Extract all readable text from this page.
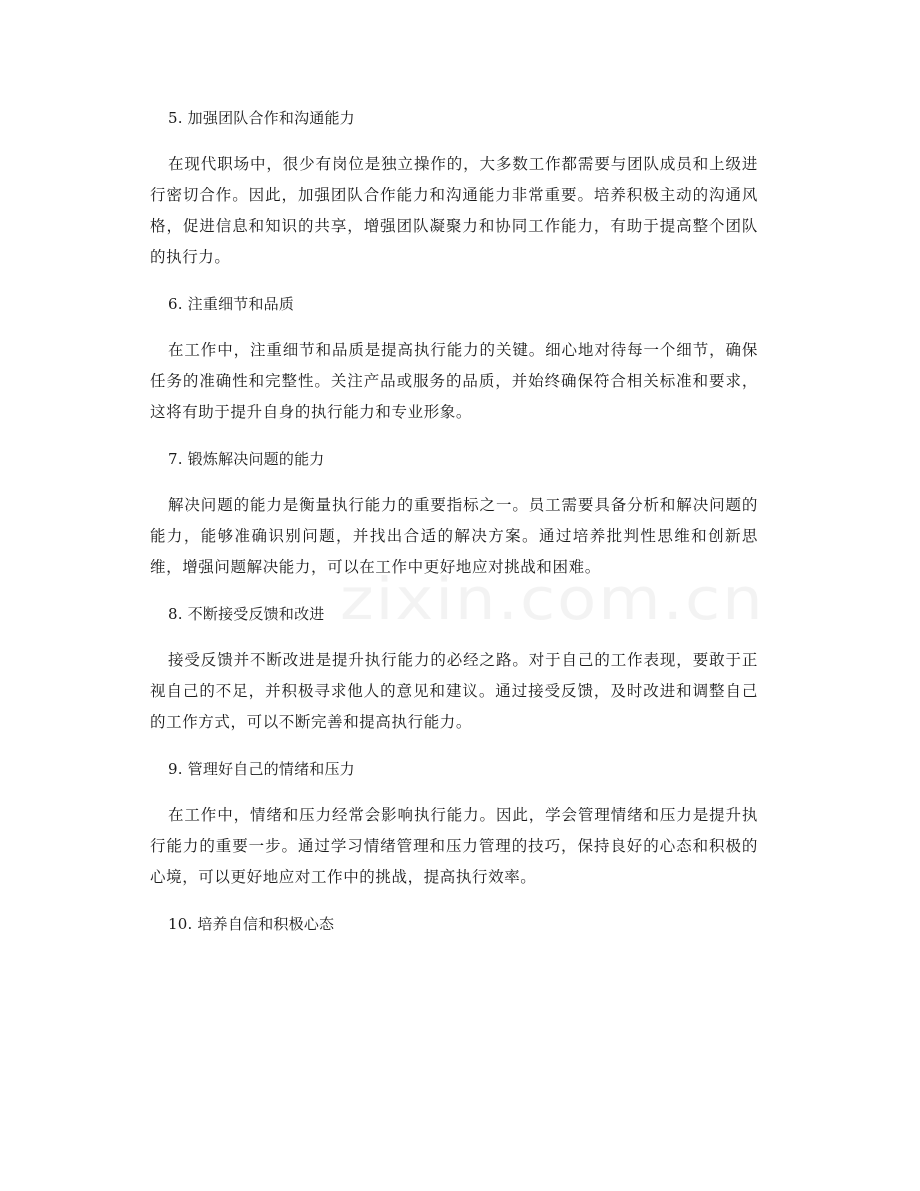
5. 加强团队合作和沟通能力

在现代职场中，很少有岗位是独立操作的，大多数工作都需要与团队成员和上级进行密切合作。因此，加强团队合作能力和沟通能力非常重要。培养积极主动的沟通风格，促进信息和知识的共享，增强团队凝聚力和协同工作能力，有助于提高整个团队的执行力。

6. 注重细节和品质

在工作中，注重细节和品质是提高执行能力的关键。细心地对待每一个细节，确保任务的准确性和完整性。关注产品或服务的品质，并始终确保符合相关标准和要求，这将有助于提升自身的执行能力和专业形象。

7. 锻炼解决问题的能力

解决问题的能力是衡量执行能力的重要指标之一。员工需要具备分析和解决问题的能力，能够准确识别问题，并找出合适的解决方案。通过培养批判性思维和创新思维，增强问题解决能力，可以在工作中更好地应对挑战和困难。

8. 不断接受反馈和改进

接受反馈并不断改进是提升执行能力的必经之路。对于自己的工作表现，要敢于正视自己的不足，并积极寻求他人的意见和建议。通过接受反馈，及时改进和调整自己的工作方式，可以不断完善和提高执行能力。

9. 管理好自己的情绪和压力

在工作中，情绪和压力经常会影响执行能力。因此，学会管理情绪和压力是提升执行能力的重要一步。通过学习情绪管理和压力管理的技巧，保持良好的心态和积极的心境，可以更好地应对工作中的挑战，提高执行效率。

10. 培养自信和积极心态
zixin.com.cn
